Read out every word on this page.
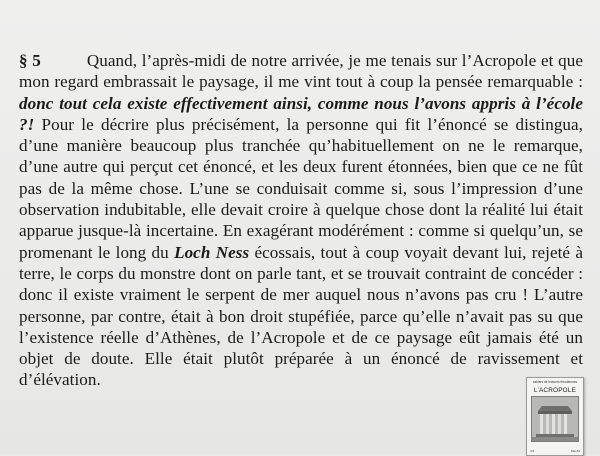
§ 5	Quand, l’après-midi de notre arrivée, je me tenais sur l’Acropole et que mon regard embrassait le paysage, il me vint tout à coup la pensée remarquable : donc tout cela existe effectivement ainsi, comme nous l’avons appris à l’école ?! Pour le décrire plus précisément, la personne qui fit l’énoncé se distingua, d’une manière beaucoup plus tranchée qu’habituellement on ne le remarque, d’une autre qui perçut cet énoncé, et les deux furent étonnées, bien que ce ne fût pas de la même chose. L’une se conduisait comme si, sous l’impression d’une observation indubitable, elle devait croire à quelque chose dont la réalité lui était apparue jusque-là incertaine. En exagérant modérément : comme si quelqu’un, se promenant le long du Loch Ness écossais, tout à coup voyait devant lui, rejeté à terre, le corps du monstre dont on parle tant, et se trouvait contraint de concéder : donc il existe vraiment le serpent de mer auquel nous n’avons pas cru ! L’autre personne, par contre, était à bon droit stupéfiée, parce qu’elle n’avait pas su que l’existence réelle d’Athènes, de l’Acropole et de ce paysage eût jamais été un objet de doute. Elle était plutôt préparée à un énoncé de ravissement et d’élévation.	cahiers de lectures freudiennes
L’ACROPOLE
3/4	Mai 84
